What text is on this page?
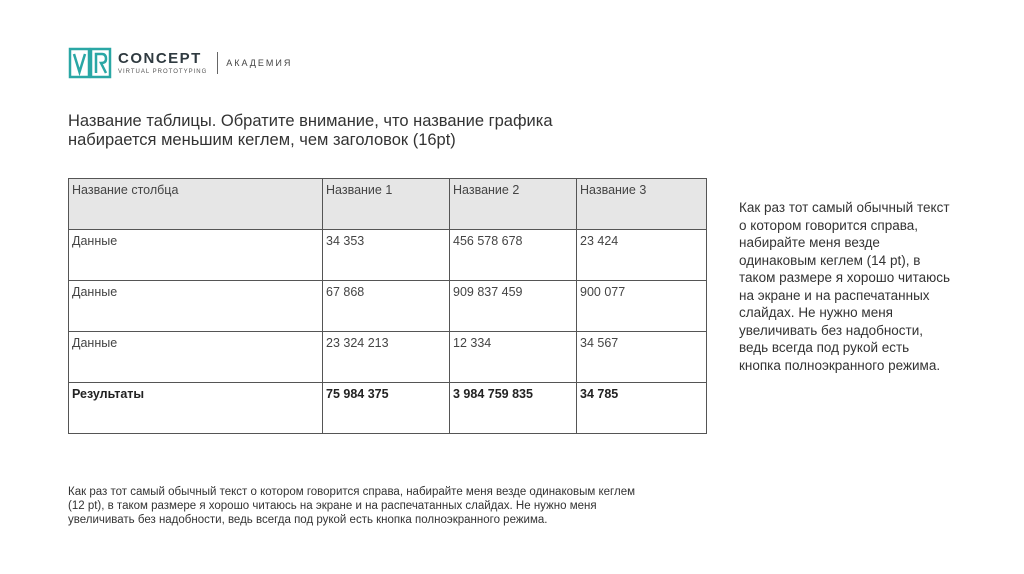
CONCEPT
VIRTUAL PROTOTYPING
АКАДЕМИЯ
Название таблицы. Обратите внимание, что название графика
набирается меньшим кеглем, чем заголовок (16pt)
Название столбца	Название 1	Название 2	Название 3
Данные	34 353	456 578 678	23 424
Данные	67 868	909 837 459	900 077
Данные	23 324 213	12 334	34 567
Результаты	75 984 375	3 984 759 835	34 785
Как раз тот самый обычный текст
о котором говорится справа,
набирайте меня везде
одинаковым кеглем (14 pt), в
таком размере я хорошо читаюсь
на экране и на распечатанных
слайдах. Не нужно меня
увеличивать без надобности,
ведь всегда под рукой есть
кнопка полноэкранного режима.
Как раз тот самый обычный текст о котором говорится справа, набирайте меня везде одинаковым кеглем
(12 pt), в таком размере я хорошо читаюсь на экране и на распечатанных слайдах. Не нужно меня
увеличивать без надобности, ведь всегда под рукой есть кнопка полноэкранного режима.
